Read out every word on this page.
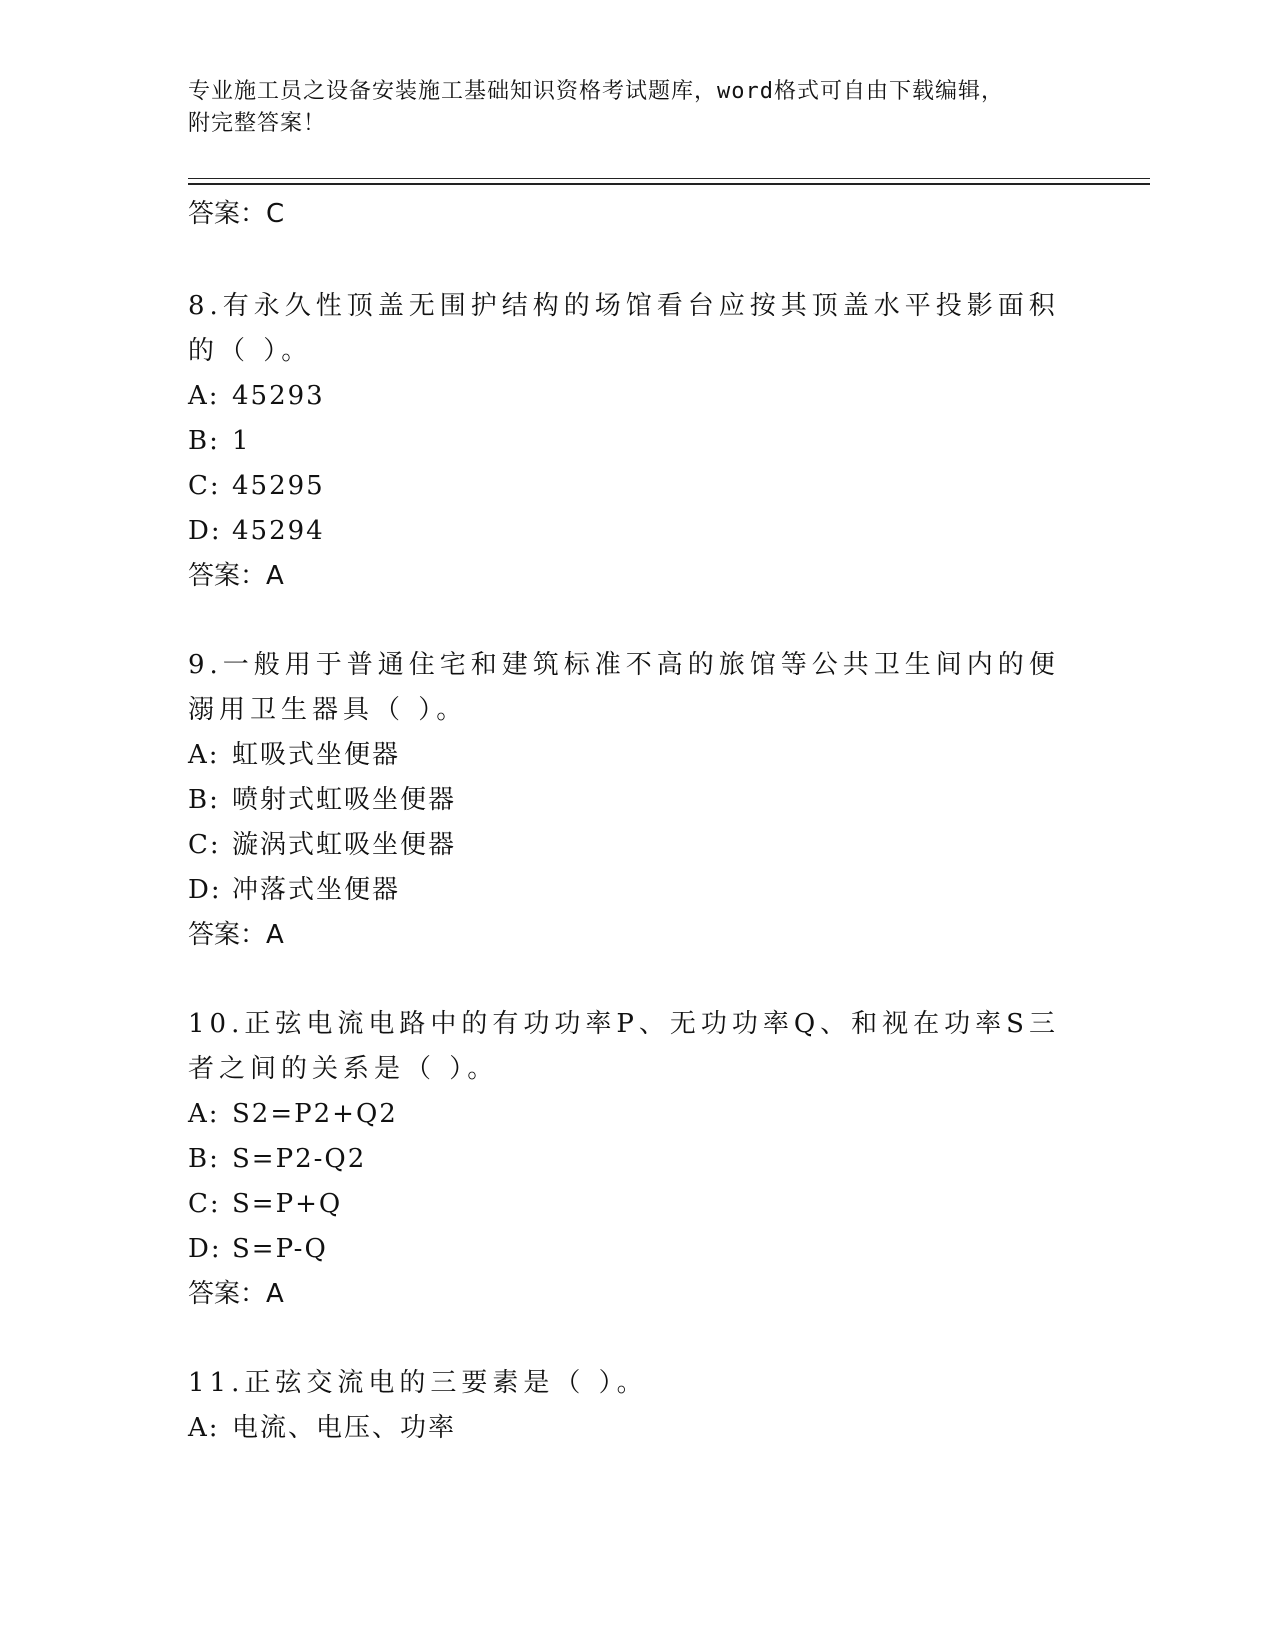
专业施工员之设备安装施工基础知识资格考试题库，word格式可自由下载编辑，
附完整答案！
答案：C
8.有永久性顶盖无围护结构的场馆看台应按其顶盖水平投影面积的（ ）。
A: 45293
B: 1
C: 45295
D: 45294
答案：A
9.一般用于普通住宅和建筑标准不高的旅馆等公共卫生间内的便溺用卫生器具（ ）。
A: 虹吸式坐便器
B: 喷射式虹吸坐便器
C: 漩涡式虹吸坐便器
D: 冲落式坐便器
答案：A
10.正弦电流电路中的有功功率P、无功功率Q、和视在功率S三者之间的关系是（ ）。
A: S2=P2+Q2
B: S=P2-Q2
C: S=P+Q
D: S=P-Q
答案：A
11.正弦交流电的三要素是（ ）。
A: 电流、电压、功率
